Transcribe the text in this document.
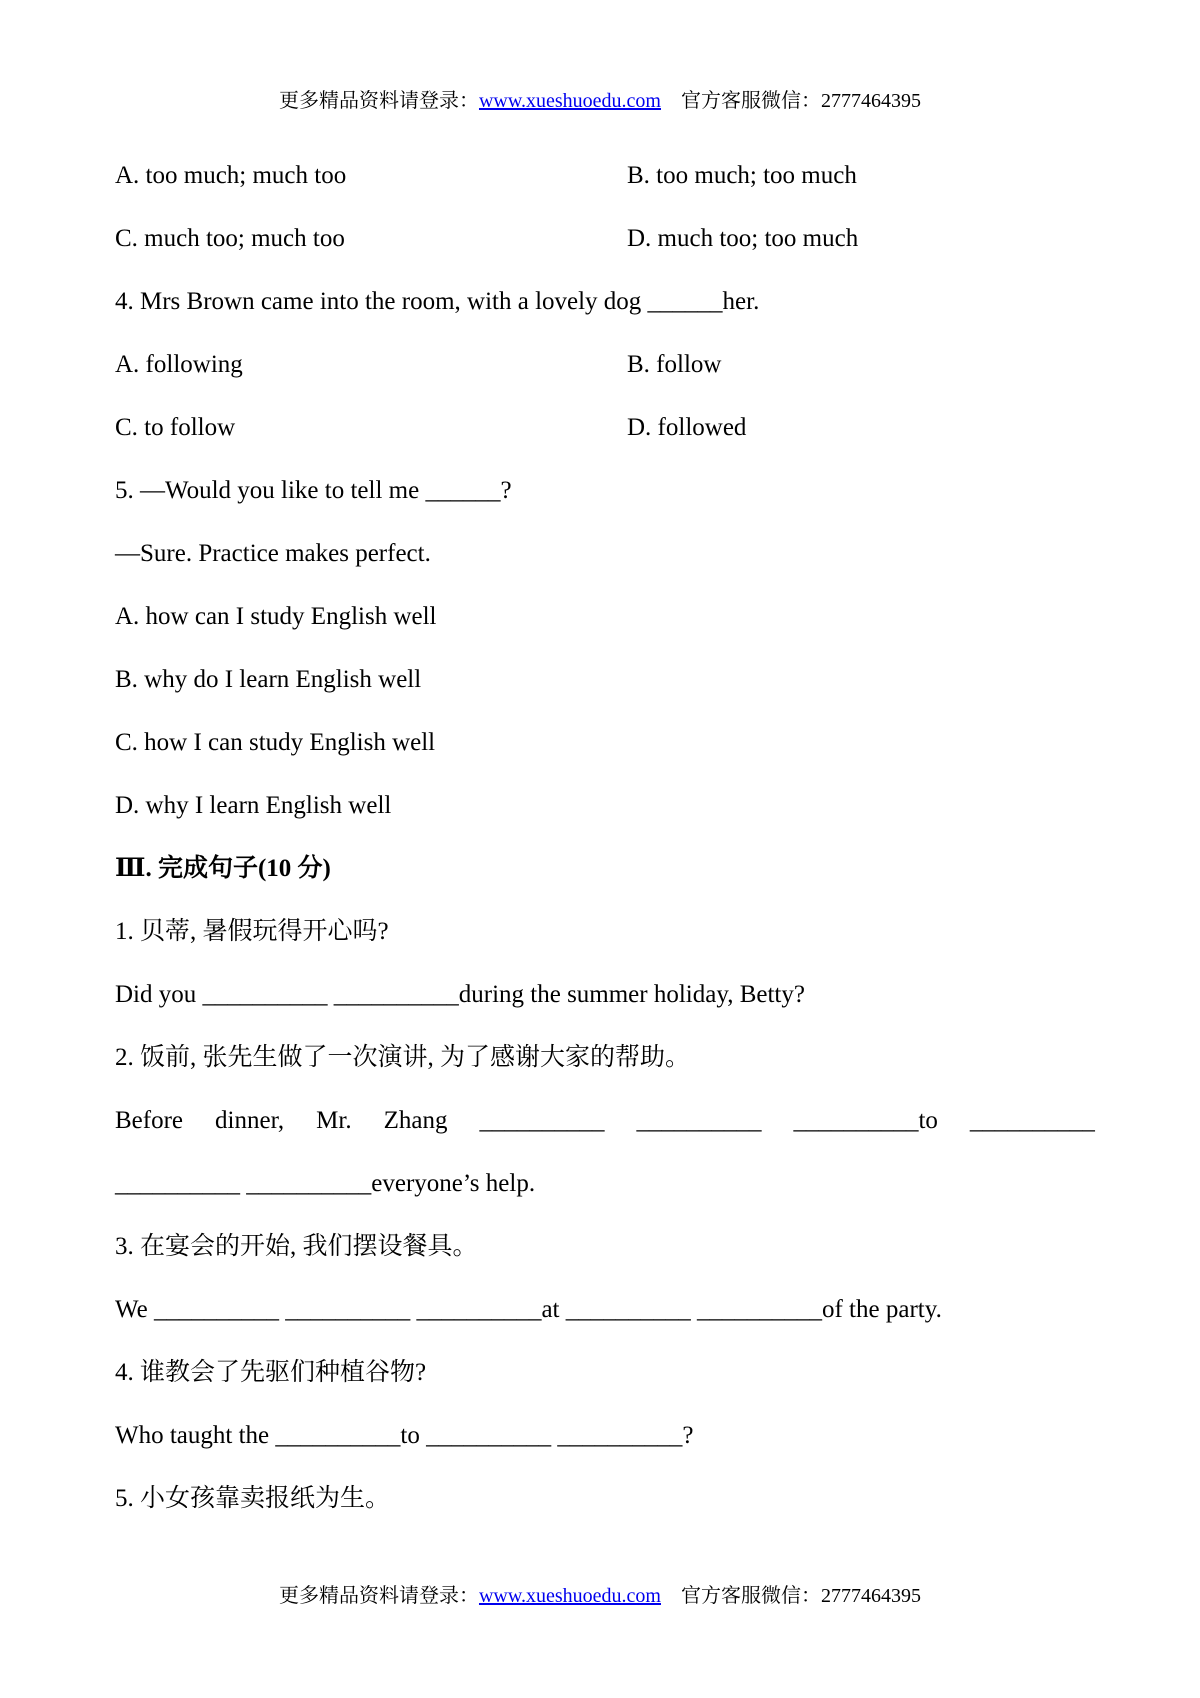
更多精品资料请登录：www.xueshuoedu.com 官方客服微信：2777464395
A. too much; much too	B. too much; too much
C. much too; much too	D. much too; too much
4. Mrs Brown came into the room, with a lovely dog ______her.
A. following	B. follow
C. to follow	D. followed
5. —Would you like to tell me ______?
—Sure. Practice makes perfect.
A. how can I study English well
B. why do I learn English well
C. how I can study English well
D. why I learn English well
Ⅲ. 完成句子(10 分)
1. 贝蒂, 暑假玩得开心吗?
Did you __________ __________during the summer holiday, Betty?
2. 饭前, 张先生做了一次演讲, 为了感谢大家的帮助。
Before dinner, Mr. Zhang __________ __________ __________to __________
__________ __________everyone’s help.
3. 在宴会的开始, 我们摆设餐具。
We __________ __________ __________at __________ __________of the party.
4. 谁教会了先驱们种植谷物?
Who taught the __________to __________ __________?
5. 小女孩靠卖报纸为生。
更多精品资料请登录：www.xueshuoedu.com 官方客服微信：2777464395
